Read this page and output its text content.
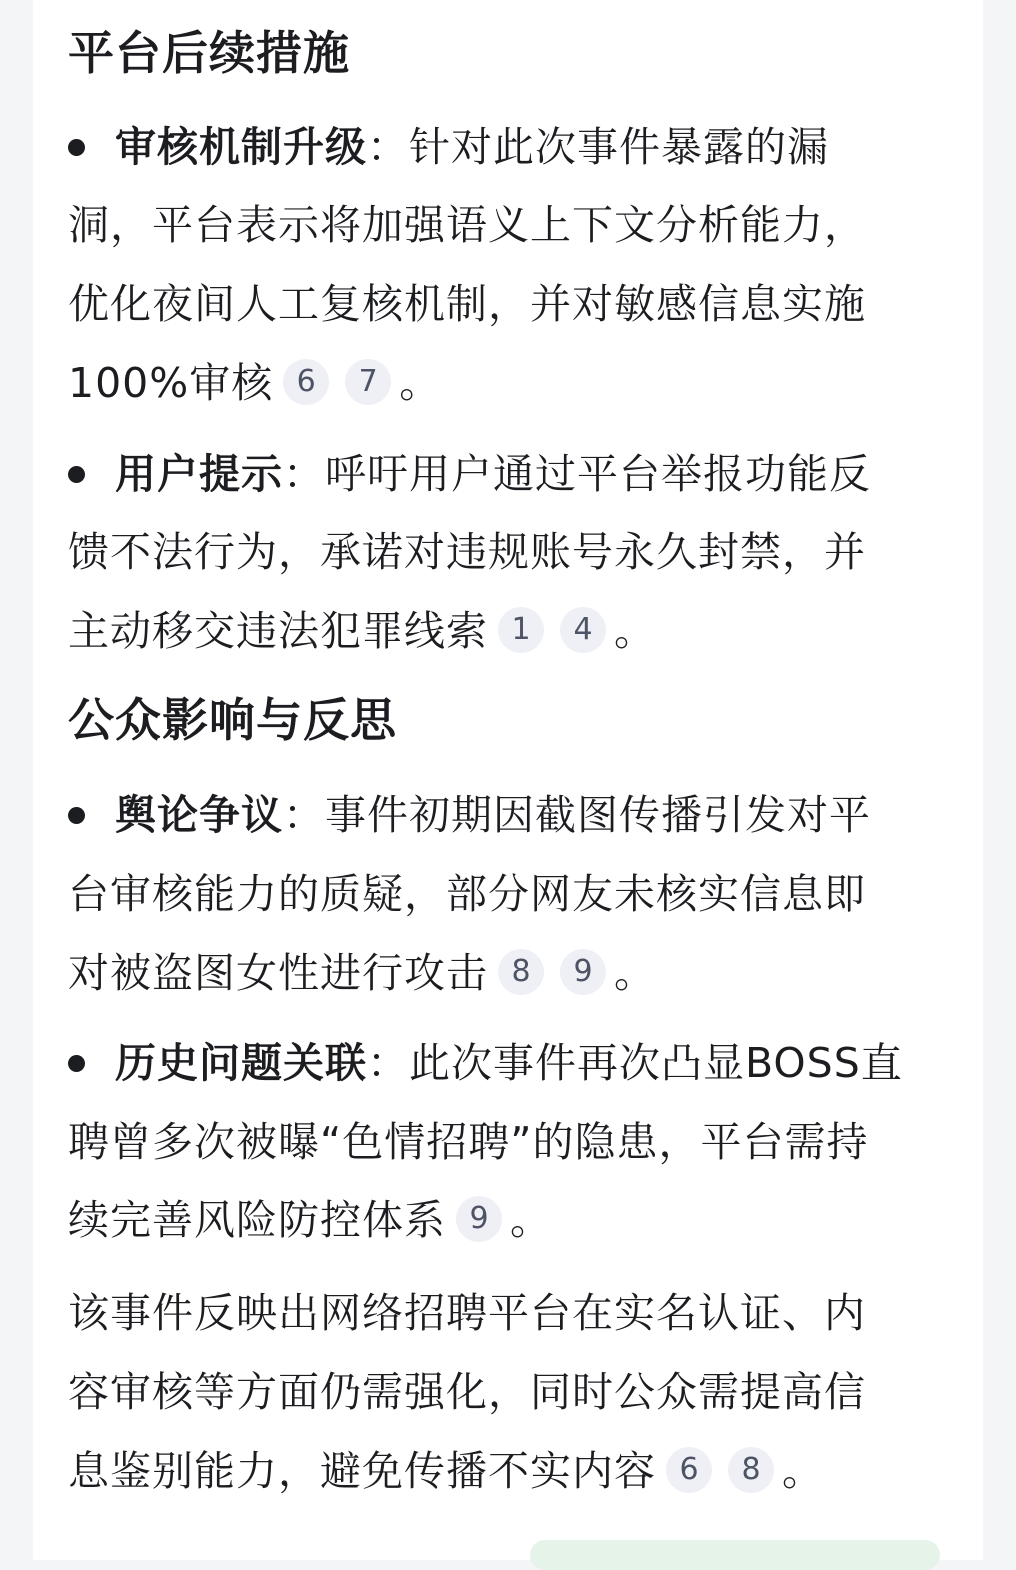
平台后续措施
审核机制升级：针对此次事件暴露的漏
洞，平台表示将加强语义上下文分析能力，
优化夜间人工复核机制，并对敏感信息实施
100%审核 6 7 。
用户提示：呼吁用户通过平台举报功能反
馈不法行为，承诺对违规账号永久封禁，并
主动移交违法犯罪线索 1 4 。
公众影响与反思
舆论争议：事件初期因截图传播引发对平
台审核能力的质疑，部分网友未核实信息即
对被盗图女性进行攻击 8 9 。
历史问题关联：此次事件再次凸显BOSS直
聘曾多次被曝“色情招聘”的隐患，平台需持
续完善风险防控体系 9 。
该事件反映出网络招聘平台在实名认证、内
容审核等方面仍需强化，同时公众需提高信
息鉴别能力，避免传播不实内容 6 8 。
